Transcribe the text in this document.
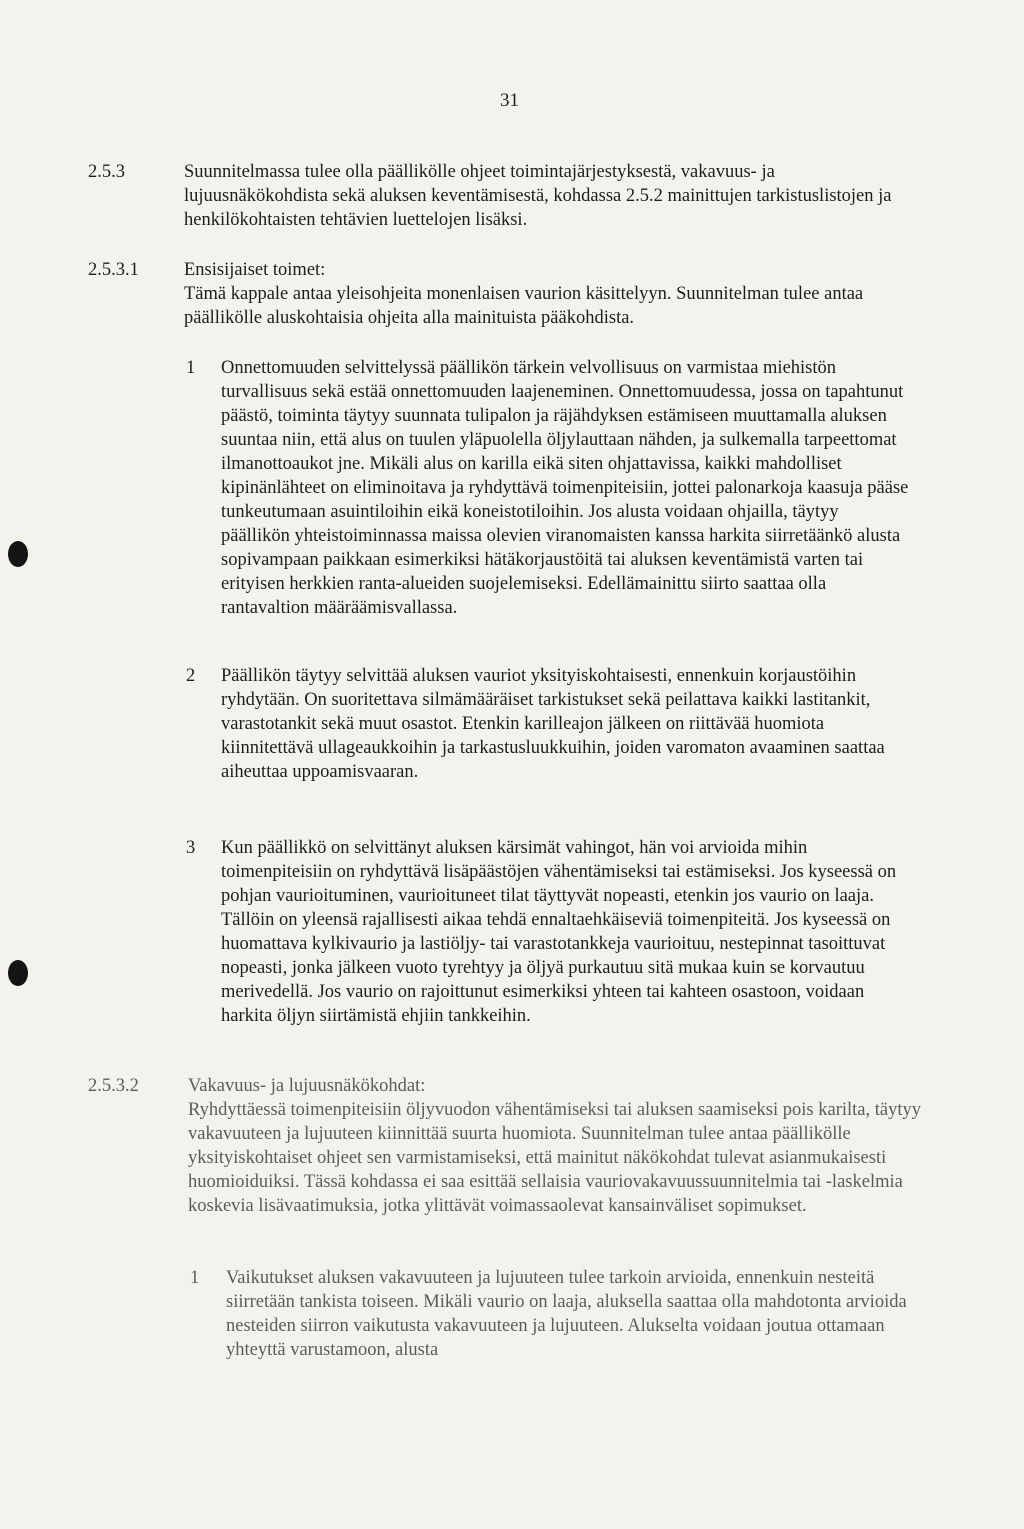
31
2.5.3	Suunnitelmassa tulee olla päällikölle ohjeet toimintajärjestyksestä, vakavuus- ja lujuusnäkökohdista sekä aluksen keventämisestä, kohdassa 2.5.2 mainittujen tarkistuslistojen ja henkilökohtaisten tehtävien luettelojen lisäksi.

2.5.3.1 Ensisijaiset toimet:

Tämä kappale antaa yleisohjeita monenlaisen vaurion käsittelyyn. Suunnitelman tulee antaa päällikölle aluskohtaisia ohjeita alla mainituista pääkohdista.

1 Onnettomuuden selvittelyssä päällikön tärkein velvollisuus on varmistaa miehistön turvallisuus sekä estää onnettomuuden laajeneminen. Onnettomuudessa, jossa on tapahtunut päästö, toiminta täytyy suunnata tulipalon ja räjähdyksen estämiseen muuttamalla aluksen suuntaa niin, että alus on tuulen yläpuolella öljylauttaan nähden, ja sulkemalla tarpeettomat ilmanottoaukot jne. Mikäli alus on karilla eikä siten ohjattavissa, kaikki mahdolliset kipinänlähteet on eliminoitava ja ryhdyttävä toimenpiteisiin, jottei palonarkoja kaasuja pääse tunkeutumaan asuintiloihin eikä koneistotiloihin. Jos alusta voidaan ohjailla, täytyy päällikön yhteistoiminnassa maissa olevien viranomaisten kanssa harkita siirretäänkö alusta sopivampaan paikkaan esimerkiksi hätäkorjaustöitä tai aluksen keventämistä varten tai erityisen herkkien ranta-alueiden suojelemiseksi. Edellämainittu siirto saattaa olla rantavaltion määräämisvallassa.
2 Päällikön täytyy selvittää aluksen vauriot yksityiskohtaisesti, ennenkuin korjaustöihin ryhdytään. On suoritettava silmämääräiset tarkistukset sekä peilattava kaikki lastitankit, varastotankit sekä muut osastot. Etenkin karilleajon jälkeen on riittävää huomiota kiinnitettävä ullageaukkoihin ja tarkastusluukkuihin, joiden varomaton avaaminen saattaa aiheuttaa uppoamisvaaran.
3 Kun päällikkö on selvittänyt aluksen kärsimät vahingot, hän voi arvioida mihin toimenpiteisiin on ryhdyttävä lisäpäästöjen vähentämiseksi tai estämiseksi. Jos kyseessä on pohjan vaurioituminen, vaurioituneet tilat täyttyvät nopeasti, etenkin jos vaurio on laaja. Tällöin on yleensä rajallisesti aikaa tehdä ennaltaehkäiseviä toimenpiteitä. Jos kyseessä on huomattava kylkivaurio ja lastiöljy- tai varastotankkeja vaurioituu, nestepinnat tasoittuvat nopeasti, jonka jälkeen vuoto tyrehtyy ja öljyä purkautuu sitä mukaa kuin se korvautuu merivedellä. Jos vaurio on rajoittunut esimerkiksi yhteen tai kahteen osastoon, voidaan harkita öljyn siirtämistä ehjiin tankkeihin.
2.5.3.2	Vakavuus- ja lujuusnäkökohdat:

Ryhdyttäessä toimenpiteisiin öljyvuodon vähentämiseksi tai aluksen saamiseksi pois karilta, täytyy vakavuuteen ja lujuuteen kiinnittää suurta huomiota. Suunnitelman tulee antaa päällikölle yksityiskohtaiset ohjeet sen varmistamiseksi, että mainitut näkökohdat tulevat asianmukaisesti huomioiduiksi. Tässä kohdassa ei saa esittää sellaisia vauriovakavuussuunnitelmia tai -laskelmia koskevia lisävaatimuksia, jotka ylittävät voimassaolevat kansainväliset sopimukset.

1 Vaikutukset aluksen vakavuuteen ja lujuuteen tulee tarkoin arvioida, ennenkuin nesteitä siirretään tankista toiseen. Mikäli vaurio on laaja, aluksella saattaa olla mahdotonta arvioida nesteiden siirron vaikutusta vakavuuteen ja lujuuteen. Alukselta voidaan joutua ottamaan yhteyttä varustamoon, alusta
